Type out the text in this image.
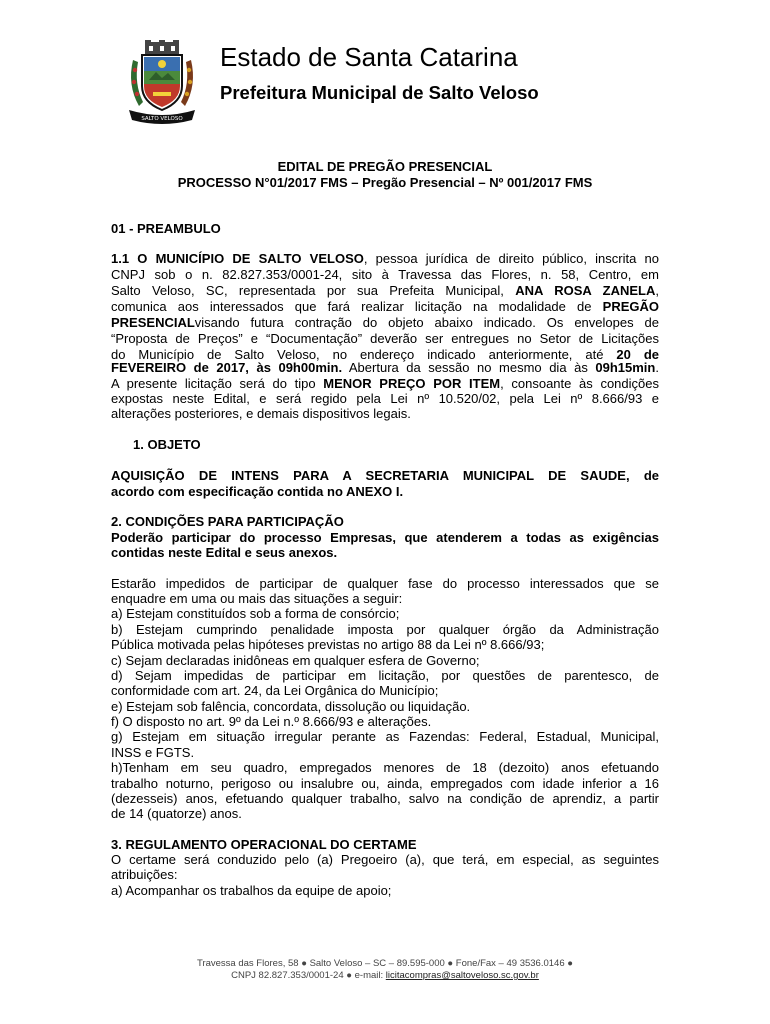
SALTO VELOSO
Estado de Santa Catarina
Prefeitura Municipal de Salto Veloso
EDITAL DE PREGÃO PRESENCIAL
PROCESSO N°01/2017 FMS – Pregão Presencial – Nº 001/2017 FMS
01 - PREAMBULO
1.1 O MUNICÍPIO DE SALTO VELOSO, pessoa jurídica de direito público, inscrita no
CNPJ sob o n. 82.827.353/0001-24, sito à Travessa das Flores, n. 58, Centro, em
Salto Veloso, SC, representada por sua Prefeita Municipal, ANA ROSA ZANELA,
comunica aos interessados que fará realizar licitação na modalidade de PREGÃO
PRESENCIALvisando futura contração do objeto abaixo indicado. Os envelopes de
“Proposta de Preços” e “Documentação” deverão ser entregues no Setor de Licitações
do Município de Salto Veloso, no endereço indicado anteriormente, até 20 de
FEVEREIRO de 2017, às 09h00min. Abertura da sessão no mesmo dia às 09h15min.
A presente licitação será do tipo MENOR PREÇO POR ITEM, consoante às condições
expostas neste Edital, e será regido pela Lei nº 10.520/02, pela Lei nº 8.666/93 e
alterações posteriores, e demais dispositivos legais.
1. OBJETO
AQUISIÇÃO DE INTENS PARA A SECRETARIA MUNICIPAL DE SAUDE, de
acordo com especificação contida no ANEXO I.
2. CONDIÇÕES PARA PARTICIPAÇÃO
Poderão participar do processo Empresas, que atenderem a todas as exigências
contidas neste Edital e seus anexos.
Estarão impedidos de participar de qualquer fase do processo interessados que se
enquadre em uma ou mais das situações a seguir:
a) Estejam constituídos sob a forma de consórcio;
b) Estejam cumprindo penalidade imposta por qualquer órgão da Administração
Pública motivada pelas hipóteses previstas no artigo 88 da Lei nº 8.666/93;
c) Sejam declaradas inidôneas em qualquer esfera de Governo;
d) Sejam impedidas de participar em licitação, por questões de parentesco, de
conformidade com art. 24, da Lei Orgânica do Município;
e) Estejam sob falência, concordata, dissolução ou liquidação.
f) O disposto no art. 9º da Lei n.º 8.666/93 e alterações.
g) Estejam em situação irregular perante as Fazendas: Federal, Estadual, Municipal,
INSS e FGTS.
h)Tenham em seu quadro, empregados menores de 18 (dezoito) anos efetuando
trabalho noturno, perigoso ou insalubre ou, ainda, empregados com idade inferior a 16
(dezesseis) anos, efetuando qualquer trabalho, salvo na condição de aprendiz, a partir
de 14 (quatorze) anos.
3. REGULAMENTO OPERACIONAL DO CERTAME
O certame será conduzido pelo (a) Pregoeiro (a), que terá, em especial, as seguintes
atribuições:
a) Acompanhar os trabalhos da equipe de apoio;
Travessa das Flores, 58 ● Salto Veloso – SC – 89.595-000 ● Fone/Fax – 49 3536.0146 ●
CNPJ 82.827.353/0001-24 ● e-mail: licitacompras@saltoveloso.sc.gov.br
